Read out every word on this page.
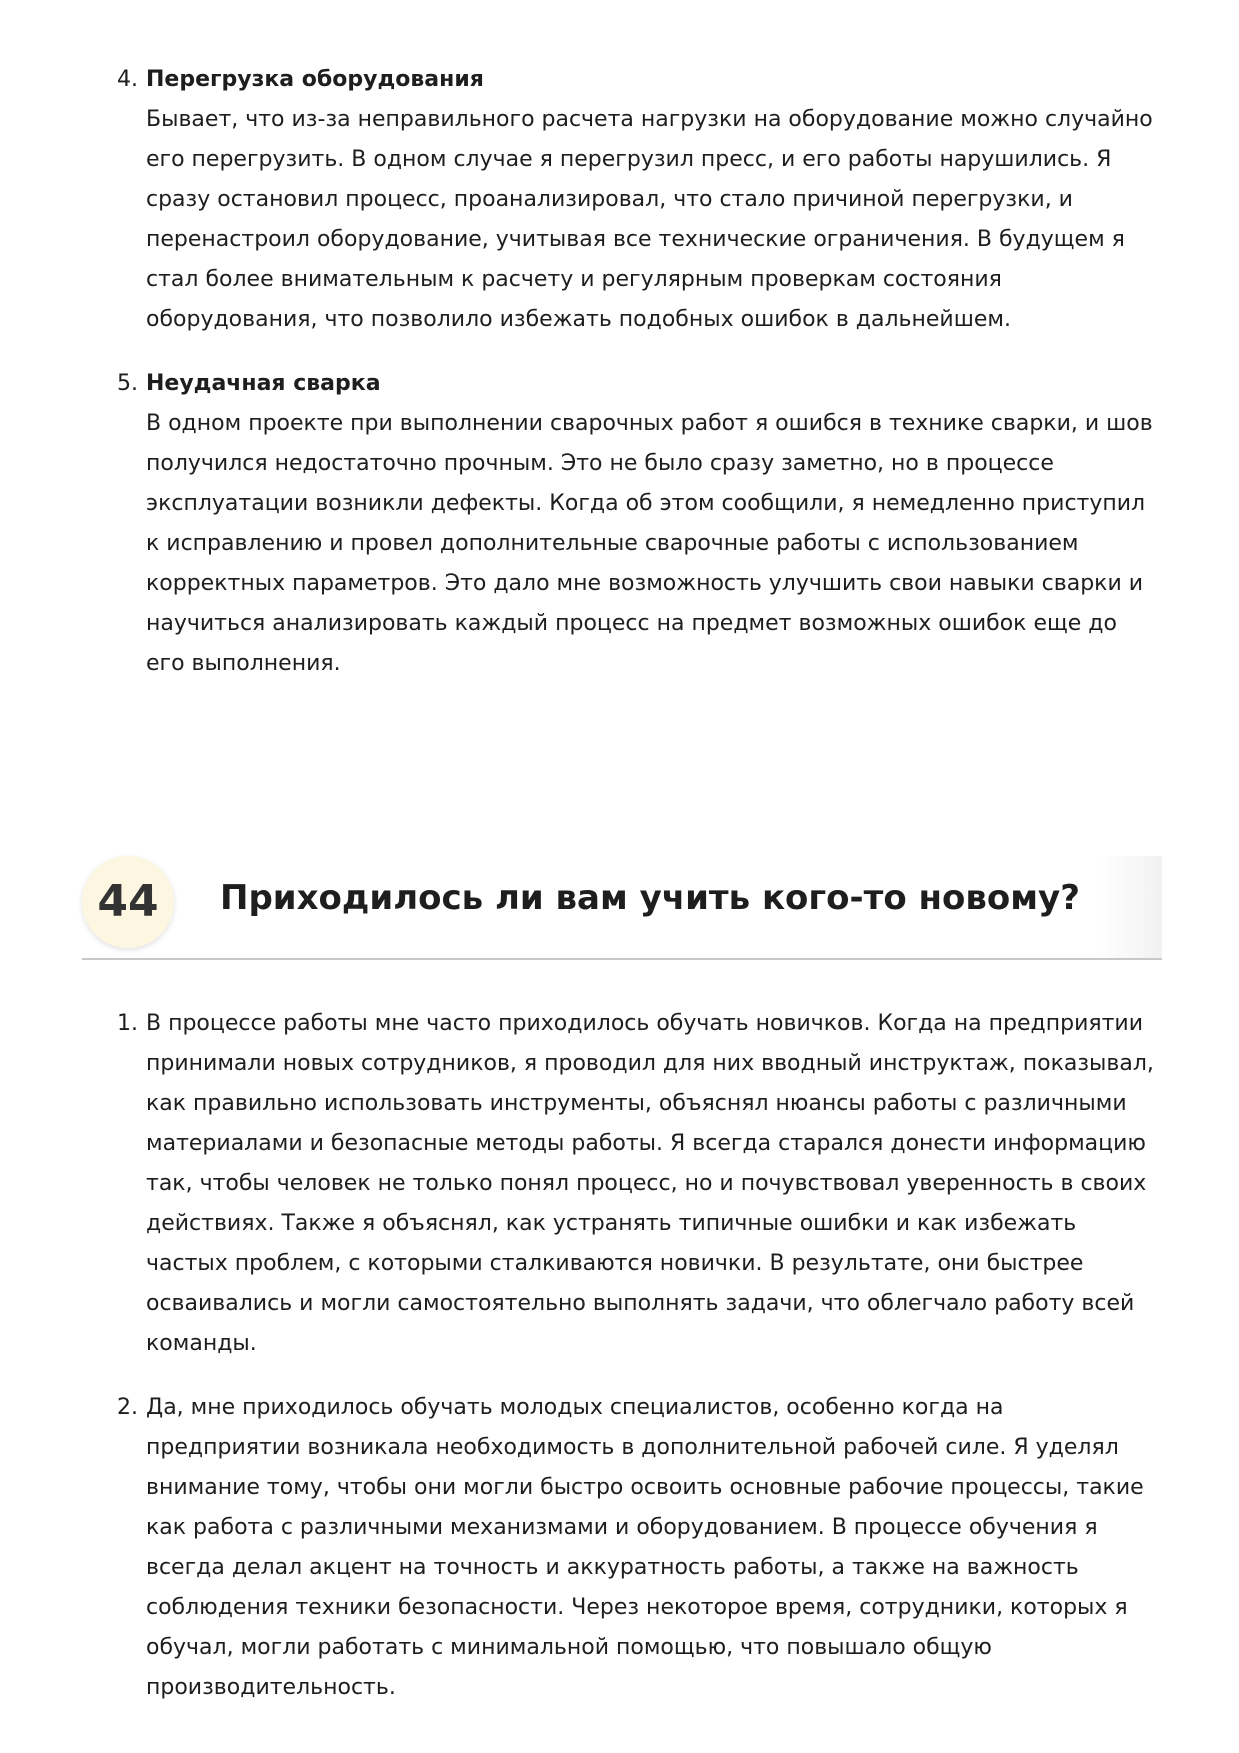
4. Перегрузка оборудования
Бывает, что из-за неправильного расчета нагрузки на оборудование можно случайно его перегрузить. В одном случае я перегрузил пресс, и его работы нарушились. Я сразу остановил процесс, проанализировал, что стало причиной перегрузки, и перенастроил оборудование, учитывая все технические ограничения. В будущем я стал более внимательным к расчету и регулярным проверкам состояния оборудования, что позволило избежать подобных ошибок в дальнейшем.
5. Неудачная сварка
В одном проекте при выполнении сварочных работ я ошибся в технике сварки, и шов получился недостаточно прочным. Это не было сразу заметно, но в процессе эксплуатации возникли дефекты. Когда об этом сообщили, я немедленно приступил к исправлению и провел дополнительные сварочные работы с использованием корректных параметров. Это дало мне возможность улучшить свои навыки сварки и научиться анализировать каждый процесс на предмет возможных ошибок еще до его выполнения.
44	Приходилось ли вам учить кого-то новому?
1. В процессе работы мне часто приходилось обучать новичков. Когда на предприятии принимали новых сотрудников, я проводил для них вводный инструктаж, показывал, как правильно использовать инструменты, объяснял нюансы работы с различными материалами и безопасные методы работы. Я всегда старался донести информацию так, чтобы человек не только понял процесс, но и почувствовал уверенность в своих действиях. Также я объяснял, как устранять типичные ошибки и как избежать частых проблем, с которыми сталкиваются новички. В результате, они быстрее осваивались и могли самостоятельно выполнять задачи, что облегчало работу всей команды.
2. Да, мне приходилось обучать молодых специалистов, особенно когда на предприятии возникала необходимость в дополнительной рабочей силе. Я уделял внимание тому, чтобы они могли быстро освоить основные рабочие процессы, такие как работа с различными механизмами и оборудованием. В процессе обучения я всегда делал акцент на точность и аккуратность работы, а также на важность соблюдения техники безопасности. Через некоторое время, сотрудники, которых я обучал, могли работать с минимальной помощью, что повышало общую производительность.
